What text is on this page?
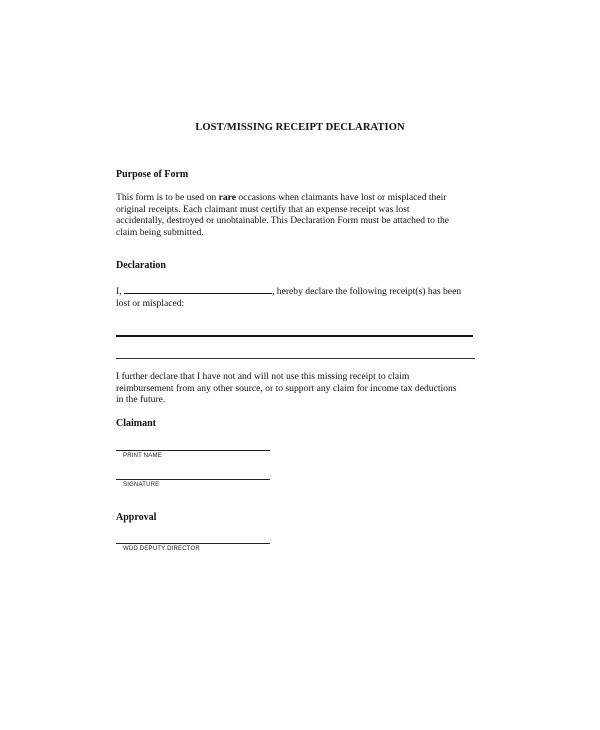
LOST/MISSING RECEIPT DECLARATION
Purpose of Form
This form is to be used on rare occasions when claimants have lost or misplaced their
original receipts. Each claimant must certify that an expense receipt was lost
accidentally, destroyed or unobtainable. This Declaration Form must be attached to the
claim being submitted.
Declaration
I,	, hereby declare the following receipt(s) has been
lost or misplaced:
I further declare that I have not and will not use this missing receipt to claim
reimbursement from any other source, or to support any claim for income tax deductions
in the future.
Claimant
PRINT NAME
SIGNATURE
Approval
WDD DEPUTY DIRECTOR
